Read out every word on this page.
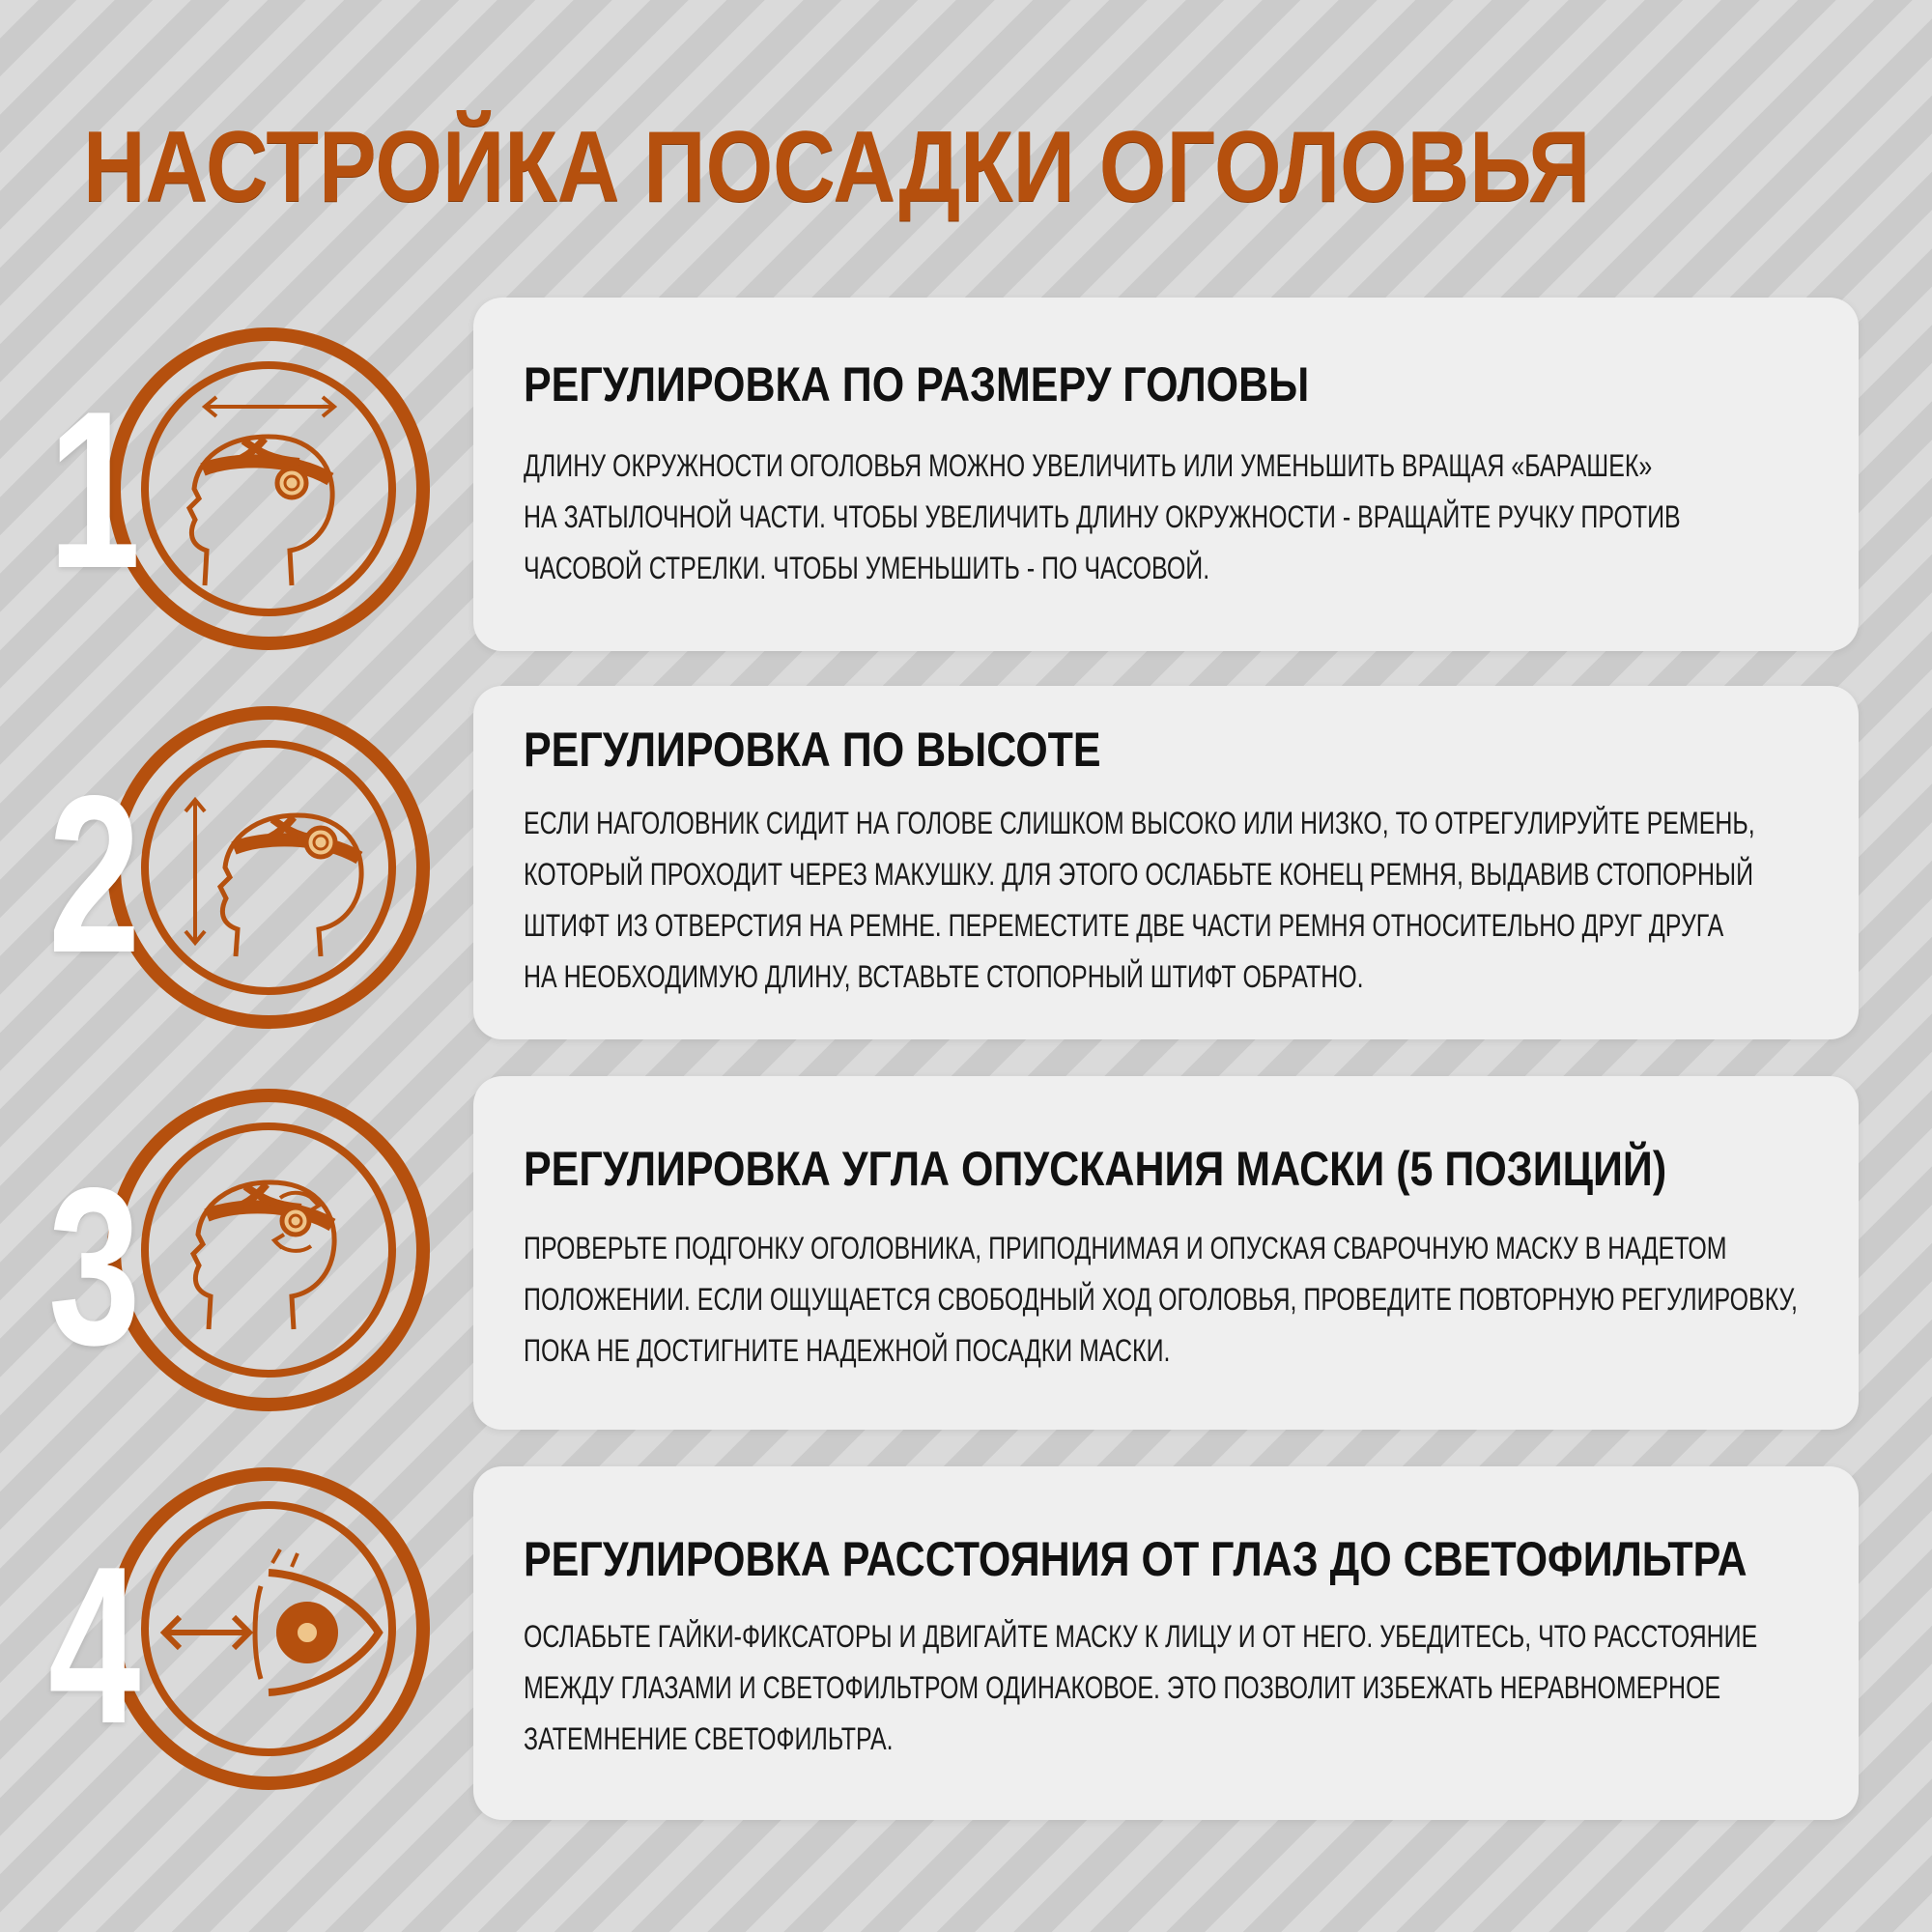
НАСТРОЙКА ПОСАДКИ ОГОЛОВЬЯ
1	РЕГУЛИРОВКА ПО РАЗМЕРУ ГОЛОВЫ

ДЛИНУ ОКРУЖНОСТИ ОГОЛОВЬЯ МОЖНО УВЕЛИЧИТЬ ИЛИ УМЕНЬШИТЬ ВРАЩАЯ «БАРАШЕК»
НА ЗАТЫЛОЧНОЙ ЧАСТИ. ЧТОБЫ УВЕЛИЧИТЬ ДЛИНУ ОКРУЖНОСТИ - ВРАЩАЙТЕ РУЧКУ ПРОТИВ
ЧАСОВОЙ СТРЕЛКИ. ЧТОБЫ УМЕНЬШИТЬ - ПО ЧАСОВОЙ.

2	РЕГУЛИРОВКА ПО ВЫСОТЕ

ЕСЛИ НАГОЛОВНИК СИДИТ НА ГОЛОВЕ СЛИШКОМ ВЫСОКО ИЛИ НИЗКО, ТО ОТРЕГУЛИРУЙТЕ РЕМЕНЬ,
КОТОРЫЙ ПРОХОДИТ ЧЕРЕЗ МАКУШКУ. ДЛЯ ЭТОГО ОСЛАБЬТЕ КОНЕЦ РЕМНЯ, ВЫДАВИВ СТОПОРНЫЙ
ШТИФТ ИЗ ОТВЕРСТИЯ НА РЕМНЕ. ПЕРЕМЕСТИТЕ ДВЕ ЧАСТИ РЕМНЯ ОТНОСИТЕЛЬНО ДРУГ ДРУГА
НА НЕОБХОДИМУЮ ДЛИНУ, ВСТАВЬТЕ СТОПОРНЫЙ ШТИФТ ОБРАТНО.

3	РЕГУЛИРОВКА УГЛА ОПУСКАНИЯ МАСКИ (5 ПОЗИЦИЙ)

ПРОВЕРЬТЕ ПОДГОНКУ ОГОЛОВНИКА, ПРИПОДНИМАЯ И ОПУСКАЯ СВАРОЧНУЮ МАСКУ В НАДЕТОМ
ПОЛОЖЕНИИ. ЕСЛИ ОЩУЩАЕТСЯ СВОБОДНЫЙ ХОД ОГОЛОВЬЯ, ПРОВЕДИТЕ ПОВТОРНУЮ РЕГУЛИРОВКУ,
ПОКА НЕ ДОСТИГНИТЕ НАДЕЖНОЙ ПОСАДКИ МАСКИ.

4	РЕГУЛИРОВКА РАССТОЯНИЯ ОТ ГЛАЗ ДО СВЕТОФИЛЬТРА

ОСЛАБЬТЕ ГАЙКИ-ФИКСАТОРЫ И ДВИГАЙТЕ МАСКУ К ЛИЦУ И ОТ НЕГО. УБЕДИТЕСЬ, ЧТО РАССТОЯНИЕ
МЕЖДУ ГЛАЗАМИ И СВЕТОФИЛЬТРОМ ОДИНАКОВОЕ. ЭТО ПОЗВОЛИТ ИЗБЕЖАТЬ НЕРАВНОМЕРНОЕ
ЗАТЕМНЕНИЕ СВЕТОФИЛЬТРА.
